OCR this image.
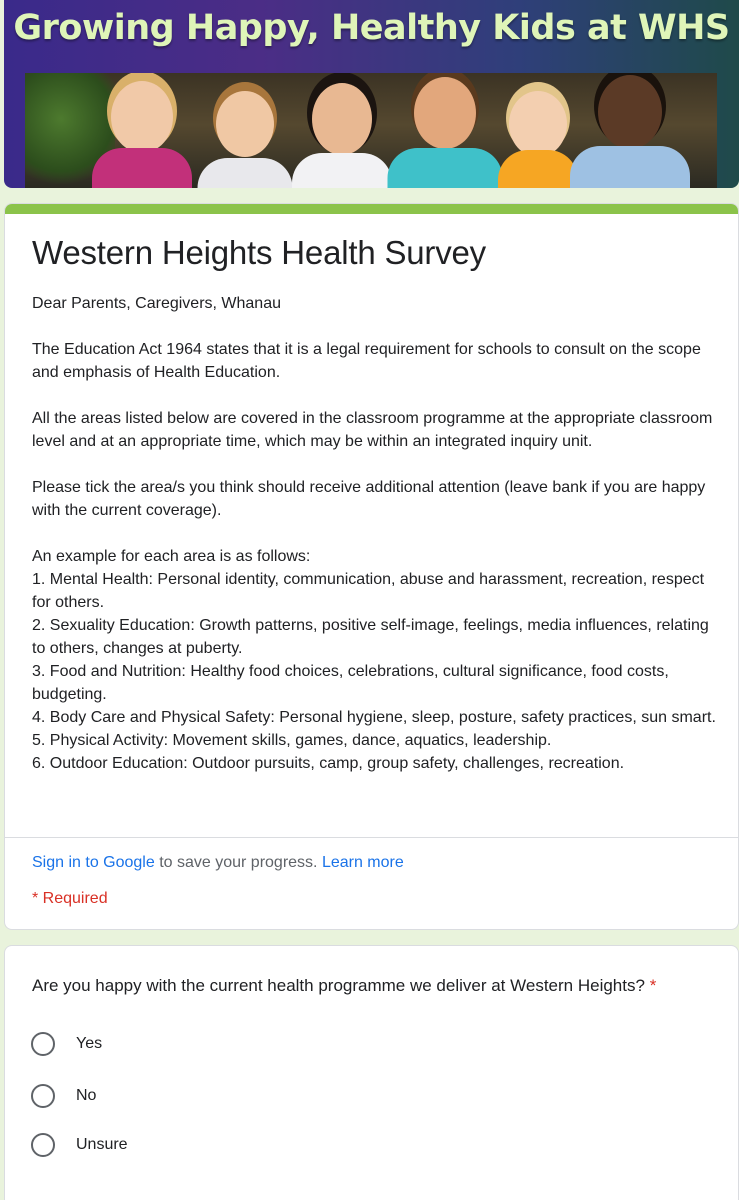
Growing Happy, Healthy Kids at WHS
Western Heights Health Survey

Dear Parents, Caregivers, Whanau

The Education Act 1964 states that it is a legal requirement for schools to consult on the scope and emphasis of Health Education.

All the areas listed below are covered in the classroom programme at the appropriate classroom level and at an appropriate time, which may be within an integrated inquiry unit.

Please tick the area/s you think should receive additional attention (leave bank if you are happy with the current coverage).

An example for each area is as follows:

1. Mental Health: Personal identity, communication, abuse and harassment, recreation, respect for others.

2. Sexuality Education: Growth patterns, positive self-image, feelings, media influences, relating to others, changes at puberty.

3. Food and Nutrition: Healthy food choices, celebrations, cultural significance, food costs, budgeting.

4. Body Care and Physical Safety: Personal hygiene, sleep, posture, safety practices, sun smart.

5. Physical Activity: Movement skills, games, dance, aquatics, leadership.

6. Outdoor Education: Outdoor pursuits, camp, group safety, challenges, recreation.

Sign in to Google to save your progress. Learn more
* Required
Are you happy with the current health programme we deliver at Western Heights? *
Yes
No
Unsure
